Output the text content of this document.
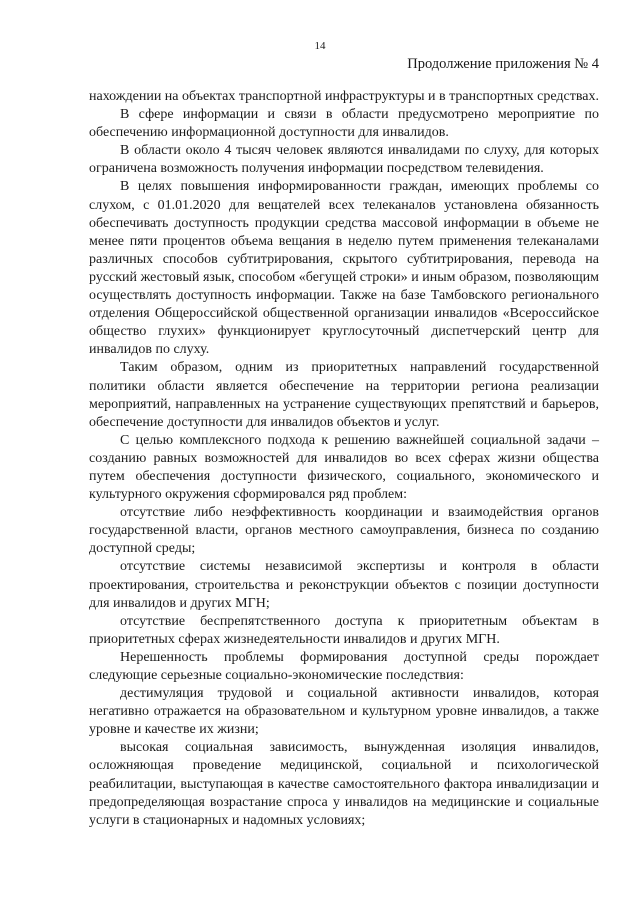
14
Продолжение приложения № 4

нахождении на объектах транспортной инфраструктуры и в транспортных средствах.

В сфере информации и связи в области предусмотрено мероприятие по обеспечению информационной доступности для инвалидов.

В области около 4 тысяч человек являются инвалидами по слуху, для которых ограничена возможность получения информации посредством телевидения.

В целях повышения информированности граждан, имеющих проблемы со слухом, с 01.01.2020 для вещателей всех телеканалов установлена обязанность обеспечивать доступность продукции средства массовой информации в объеме не менее пяти процентов объема вещания в неделю путем применения телеканалами различных способов субтитрирования, скрытого субтитрирования, перевода на русский жестовый язык, способом «бегущей строки» и иным образом, позволяющим осуществлять доступность информации. Также на базе Тамбовского регионального отделения Общероссийской общественной организации инвалидов «Всероссийское общество глухих» функционирует круглосуточный диспетчерский центр для инвалидов по слуху.

Таким образом, одним из приоритетных направлений государственной политики области является обеспечение на территории региона реализации мероприятий, направленных на устранение существующих препятствий и барьеров, обеспечение доступности для инвалидов объектов и услуг.

С целью комплексного подхода к решению важнейшей социальной задачи – созданию равных возможностей для инвалидов во всех сферах жизни общества путем обеспечения доступности физического, социального, экономического и культурного окружения сформировался ряд проблем:

отсутствие либо неэффективность координации и взаимодействия органов государственной власти, органов местного самоуправления, бизнеса по созданию доступной среды;

отсутствие системы независимой экспертизы и контроля в области проектирования, строительства и реконструкции объектов с позиции доступности для инвалидов и других МГН;

отсутствие беспрепятственного доступа к приоритетным объектам в приоритетных сферах жизнедеятельности инвалидов и других МГН.

Нерешенность проблемы формирования доступной среды порождает следующие серьезные социально-экономические последствия:

дестимуляция трудовой и социальной активности инвалидов, которая негативно отражается на образовательном и культурном уровне инвалидов, а также уровне и качестве их жизни;

высокая социальная зависимость, вынужденная изоляция инвалидов, осложняющая проведение медицинской, социальной и психологической реабилитации, выступающая в качестве самостоятельного фактора инвалидизации и предопределяющая возрастание спроса у инвалидов на медицинские и социальные услуги в стационарных и надомных условиях;
